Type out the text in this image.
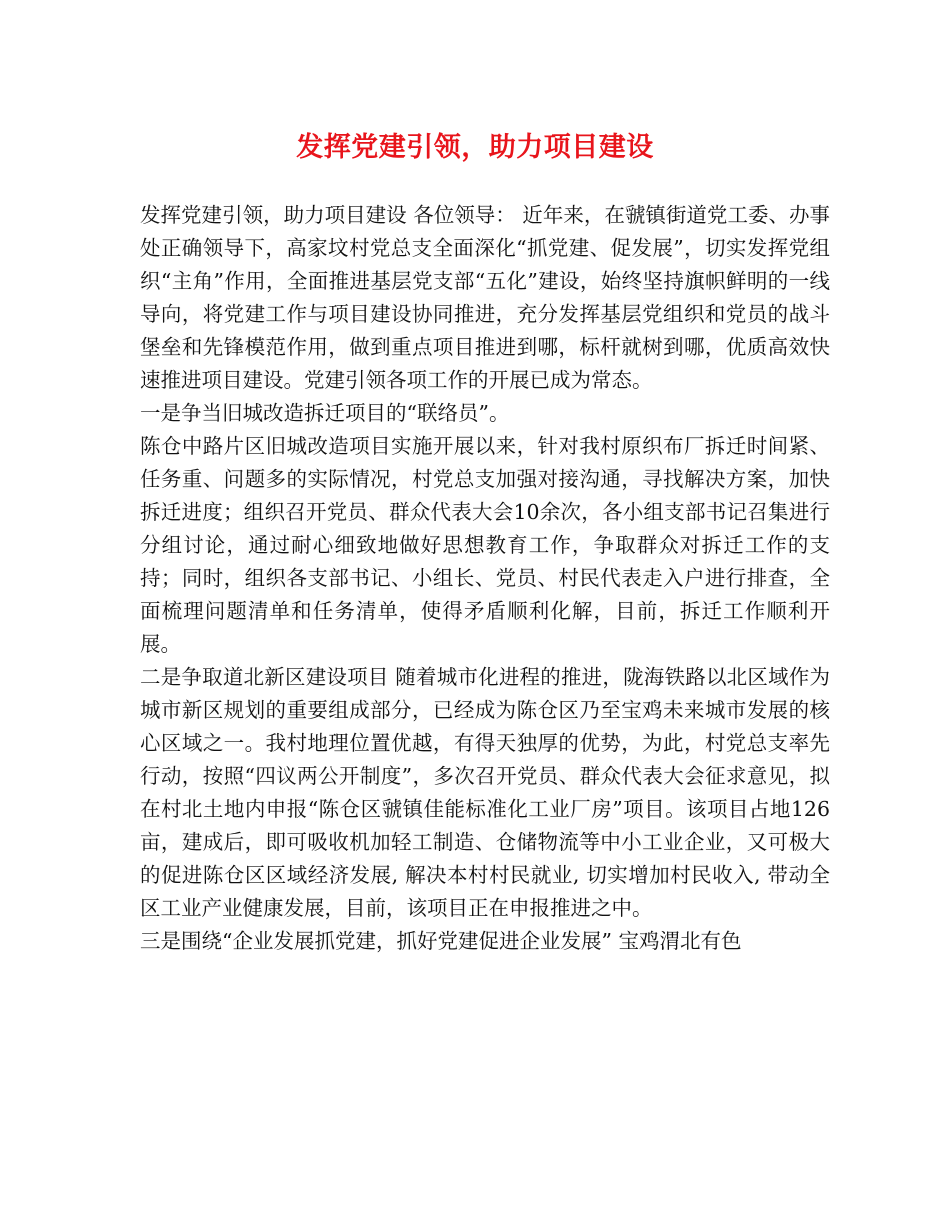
发挥党建引领，助力项目建设

发挥党建引领，助力项目建设 各位领导： 近年来，在虢镇街道党工委、办事处正确领导下，高家坟村党总支全面深化“抓党建、促发展”，切实发挥党组织“主角”作用，全面推进基层党支部“五化”建设，始终坚持旗帜鲜明的一线导向，将党建工作与项目建设协同推进，充分发挥基层党组织和党员的战斗堡垒和先锋模范作用，做到重点项目推进到哪，标杆就树到哪，优质高效快速推进项目建设。党建引领各项工作的开展已成为常态。

一是争当旧城改造拆迁项目的“联络员”。

陈仓中路片区旧城改造项目实施开展以来，针对我村原织布厂拆迁时间紧、任务重、问题多的实际情况，村党总支加强对接沟通，寻找解决方案，加快拆迁进度；组织召开党员、群众代表大会10余次，各小组支部书记召集进行分组讨论，通过耐心细致地做好思想教育工作，争取群众对拆迁工作的支持；同时，组织各支部书记、小组长、党员、村民代表走入户进行排查，全面梳理问题清单和任务清单，使得矛盾顺利化解，目前，拆迁工作顺利开展。

二是争取道北新区建设项目 随着城市化进程的推进，陇海铁路以北区域作为城市新区规划的重要组成部分，已经成为陈仓区乃至宝鸡未来城市发展的核心区域之一。我村地理位置优越，有得天独厚的优势，为此，村党总支率先行动，按照“四议两公开制度”，多次召开党员、群众代表大会征求意见，拟在村北土地内申报“陈仓区虢镇佳能标准化工业厂房”项目。该项目占地126亩，建成后，即可吸收机加轻工制造、仓储物流等中小工业企业，又可极大的促进陈仓区区域经济发展, 解决本村村民就业, 切实增加村民收入, 带动全区工业产业健康发展，目前，该项目正在申报推进之中。

三是围绕“企业发展抓党建，抓好党建促进企业发展” 宝鸡渭北有色
